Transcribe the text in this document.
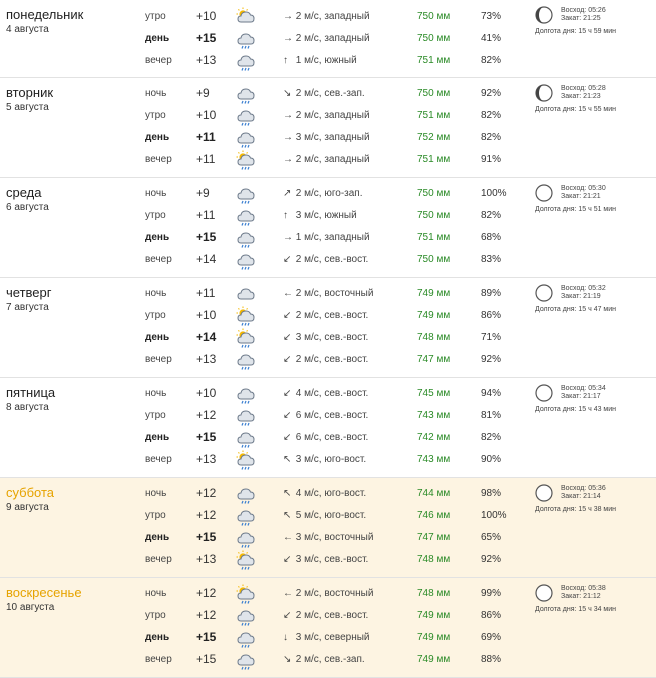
понедельник
4 августа
утро	+10	→ 2 м/с, западный	750 мм	73%
день +15	→ 2 м/с, западный	750 мм	41%
вечер +13	↑ 1 м/с, южный	751 мм	82%
Восход: 05:26
Закат: 21:25
Долгота дня: 15 ч 59 мин
вторник
5 августа
ночь +9	↘ 2 м/с, сев.-зап.	750 мм	92%
утро	+10	→ 2 м/с, западный	751 мм	82%
день +11	→ 3 м/с, западный	752 мм	82%
вечер +11	→ 2 м/с, западный	751 мм	91%
Восход: 05:28
Закат: 21:23
Долгота дня: 15 ч 55 мин
среда
6 августа
ночь +9	↗ 2 м/с, юго-зап.	750 мм	100%
утро	+11	↑ 3 м/с, южный	750 мм	82%
день +15	→ 1 м/с, западный	751 мм	68%
вечер +14	↙ 2 м/с, сев.-вост.	750 мм	83%
Восход: 05:30
Закат: 21:21
Долгота дня: 15 ч 51 мин
четверг
7 августа
ночь +11	← 2 м/с, восточный	749 мм	89%
утро	+10	↙ 2 м/с, сев.-вост.	749 мм	86%
день +14	↙ 3 м/с, сев.-вост.	748 мм	71%
вечер +13	↙ 2 м/с, сев.-вост.	747 мм	92%
Восход: 05:32
Закат: 21:19
Долгота дня: 15 ч 47 мин
пятница
8 августа
ночь +10	↙ 4 м/с, сев.-вост.	745 мм	94%
утро	+12	↙ 6 м/с, сев.-вост.	743 мм	81%
день +15	↙ 6 м/с, сев.-вост.	742 мм	82%
вечер +13	↖ 3 м/с, юго-вост.	743 мм	90%
Восход: 05:34
Закат: 21:17
Долгота дня: 15 ч 43 мин
суббота
9 августа
ночь +12	↖ 4 м/с, юго-вост.	744 мм	98%
утро	+12	↖ 5 м/с, юго-вост.	746 мм	100%
день +15	← 3 м/с, восточный	747 мм	65%
вечер +13	↙ 3 м/с, сев.-вост.	748 мм	92%
Восход: 05:36
Закат: 21:14
Долгота дня: 15 ч 38 мин
воскресенье
10 августа
ночь +12	← 2 м/с, восточный	748 мм	99%
утро	+12	↙ 2 м/с, сев.-вост.	749 мм	86%
день +15	↓ 3 м/с, северный	749 мм	69%
вечер +15	↘ 2 м/с, сев.-зап.	749 мм	88%
Восход: 05:38
Закат: 21:12
Долгота дня: 15 ч 34 мин
